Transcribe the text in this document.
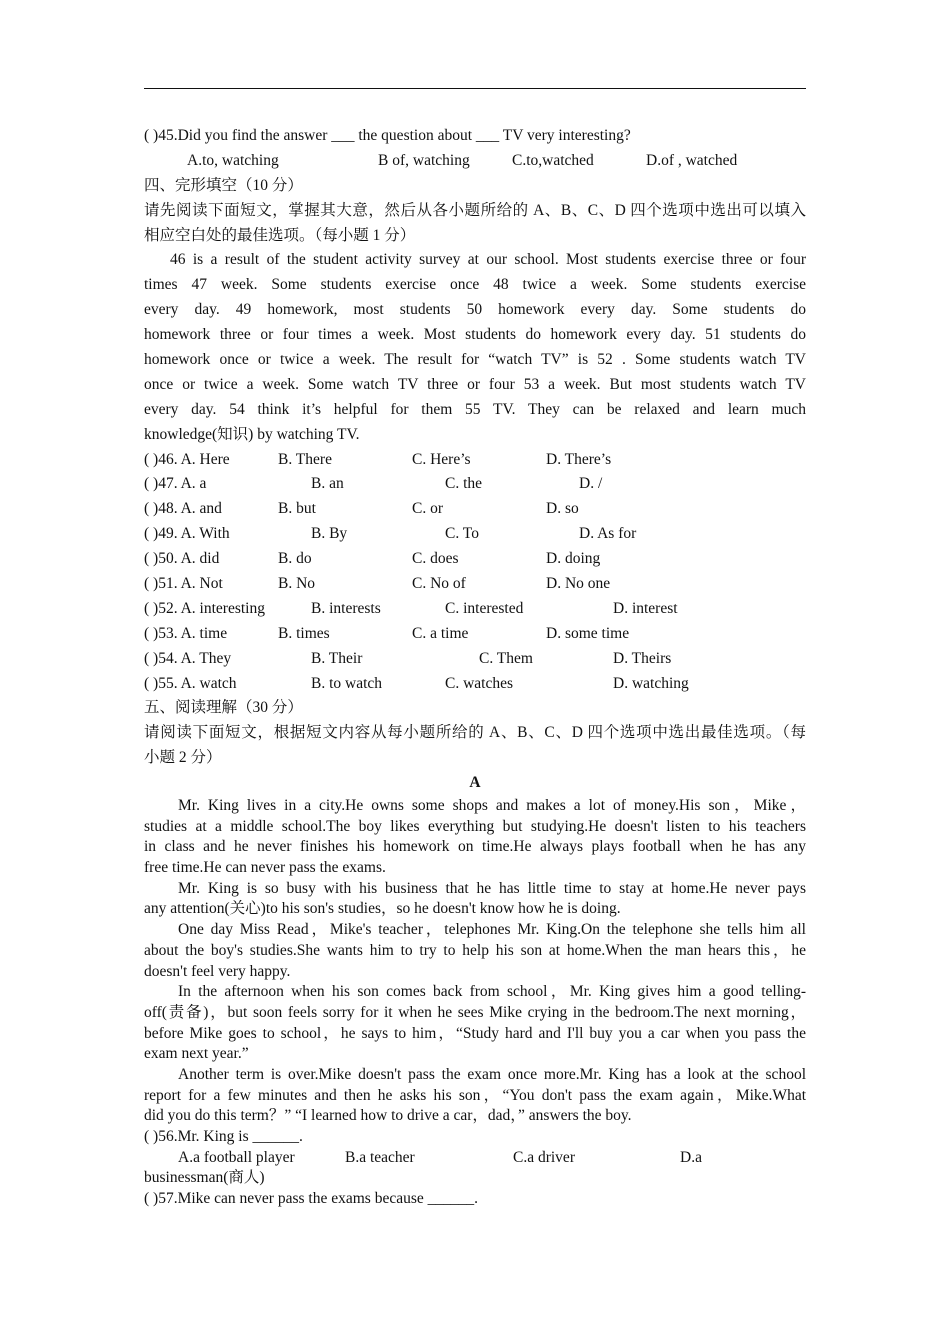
( )45.Did you find the answer ___ the question about ___ TV very interesting?
A.to, watching	B of, watching	C.to,watched	D.of , watched
四、完形填空（10 分）
请先阅读下面短文，掌握其大意，然后从各小题所给的 A、B、C、D 四个选项中选出可以填入
相应空白处的最佳选项。（每小题 1 分）
46 is a result of the student activity survey at our school. Most students exercise three or four
times 47 week. Some students exercise once 48 twice a week. Some students exercise
every day. 49 homework, most students 50 homework every day. Some students do
homework three or four times a week. Most students do homework every day. 51 students do
homework once or twice a week. The result for “watch TV” is 52 . Some students watch TV
once or twice a week. Some watch TV three or four 53 a week. But most students watch TV
every day. 54 think it’s helpful for them 55 TV. They can be relaxed and learn much
knowledge(知识) by watching TV.
( )46. A. Here	B. There	C. Here’s	D. There’s
( )47. A. a	B. an	C. the	D. /
( )48. A. and	B. but	C. or	D. so
( )49. A. With	B. By	C. To	D. As for
( )50. A. did	B. do	C. does	D. doing
( )51. A. Not	B. No	C. No of	D. No one
( )52. A. interesting	B. interests	C. interested	D. interest
( )53. A. time	B. times	C. a time	D. some time
( )54. A. They	B. Their	C. Them	D. Theirs
( )55. A. watch	B. to watch	C. watches	D. watching
五、阅读理解（30 分）
请阅读下面短文，根据短文内容从每小题所给的 A、B、C、D 四个选项中选出最佳选项。（每
小题 2 分）
A
Mr. King lives in a city.He owns some shops and makes a lot of money.His son，Mike，
studies at a middle school.The boy likes everything but studying.He doesn't listen to his teachers
in class and he never finishes his homework on time.He always plays football when he has any
free time.He can never pass the exams.
Mr. King is so busy with his business that he has little time to stay at home.He never pays
any attention(关心)to his son's studies，so he doesn't know how he is doing.
One day Miss Read，Mike's teacher，telephones Mr. King.On the telephone she tells him all
about the boy's studies.She wants him to try to help his son at home.When the man hears this，he
doesn't feel very happy.
In the afternoon when his son comes back from school，Mr. King gives him a good telling-
off(责备)，but soon feels sorry for it when he sees Mike crying in the bedroom.The next morning，
before Mike goes to school，he says to him，“Study hard and I'll buy you a car when you pass the
exam next year.”
Another term is over.Mike doesn't pass the exam once more.Mr. King has a look at the school
report for a few minutes and then he asks his son，“You don't pass the exam again，Mike.What
did you do this term？” “I learned how to drive a car，dad，” answers the boy.
( )56.Mr. King is ______.
A.a football player	B.a teacher	C.a driver	D.a
businessman(商人)
( )57.Mike can never pass the exams because ______.
